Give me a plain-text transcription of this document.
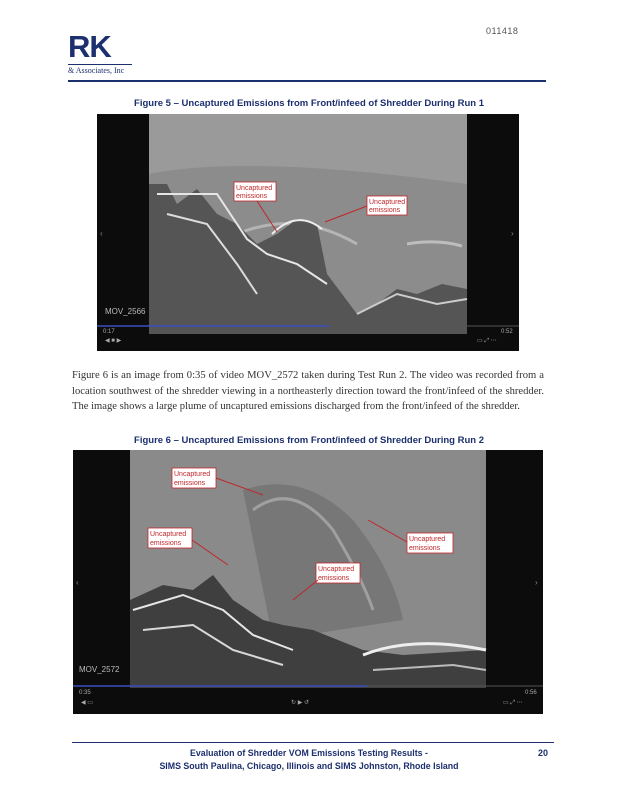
011418
RK
& Associates, Inc
Figure 5 – Uncaptured Emissions from Front/infeed of Shredder During Run 1
Uncaptured
emissions
Uncaptured
emissions
‹	›
MOV_2566
0:17	0:52
◀ ■ ▶	▭ ⤢ ⋯
Figure 6 is an image from 0:35 of video MOV_2572 taken during Test Run 2. The video was recorded from a location southwest of the shredder viewing in a northeasterly direction toward the front/infeed of the shredder. The image shows a large plume of uncaptured emissions discharged from the front/infeed of the shredder.
Figure 6 – Uncaptured Emissions from Front/infeed of Shredder During Run 2
Uncaptured
emissions
Uncaptured
emissions
Uncaptured
emissions
Uncaptured
emissions
‹	›
MOV_2572
0:35	0:56
◀ ▭	↻ ▶ ↺	▭ ⤢ ⋯
Evaluation of Shredder VOM Emissions Testing Results -
SIMS South Paulina, Chicago, Illinois and SIMS Johnston, Rhode Island
20
